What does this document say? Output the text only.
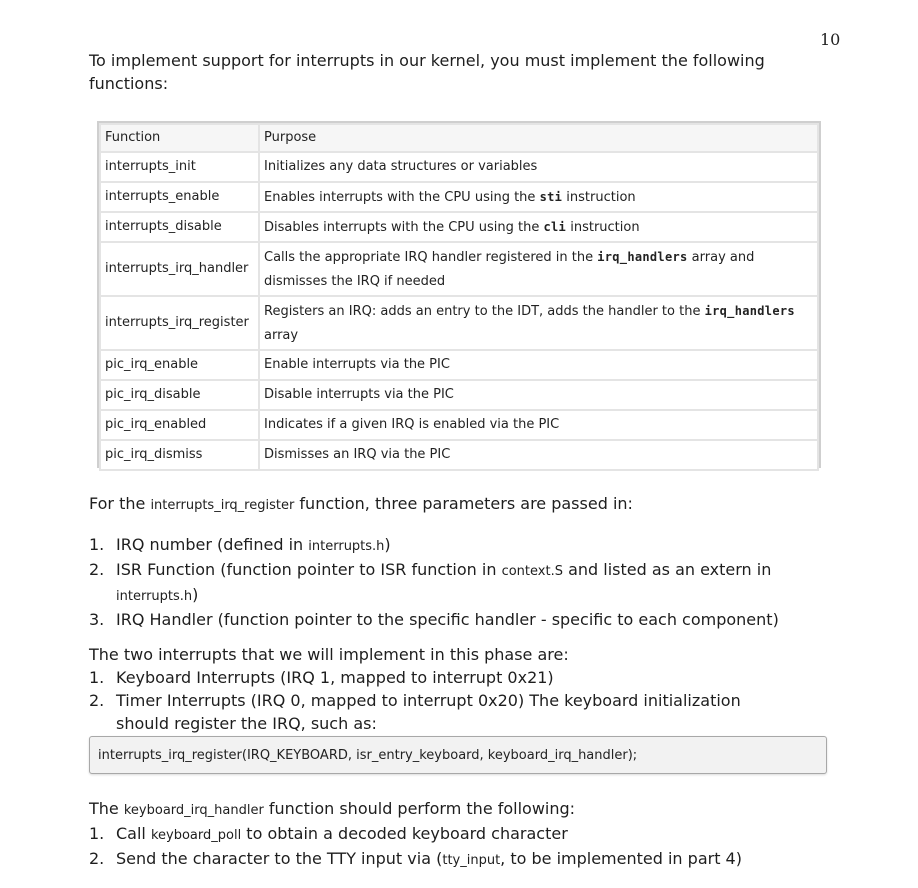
10
To implement support for interrupts in our kernel, you must implement the following functions:
Function	Purpose
interrupts_init	Initializes any data structures or variables
interrupts_enable	Enables interrupts with the CPU using the sti instruction
interrupts_disable	Disables interrupts with the CPU using the cli instruction
interrupts_irq_handler	Calls the appropriate IRQ handler registered in the irq_handlers array and dismisses the IRQ if needed
interrupts_irq_register	Registers an IRQ: adds an entry to the IDT, adds the handler to the irq_handlers array
pic_irq_enable	Enable interrupts via the PIC
pic_irq_disable	Disable interrupts via the PIC
pic_irq_enabled	Indicates if a given IRQ is enabled via the PIC
pic_irq_dismiss	Dismisses an IRQ via the PIC
For the interrupts_irq_register function, three parameters are passed in:
1. IRQ number (defined in interrupts.h)
2. ISR Function (function pointer to ISR function in context.S and listed as an extern in
interrupts.h)
3. IRQ Handler (function pointer to the specific handler - specific to each component)
The two interrupts that we will implement in this phase are:
1. Keyboard Interrupts (IRQ 1, mapped to interrupt 0x21)
2. Timer Interrupts (IRQ 0, mapped to interrupt 0x20) The keyboard initialization
should register the IRQ, such as:
interrupts_irq_register(IRQ_KEYBOARD, isr_entry_keyboard, keyboard_irq_handler);
The keyboard_irq_handler function should perform the following:
1. Call keyboard_poll to obtain a decoded keyboard character
2. Send the character to the TTY input via (tty_input, to be implemented in part 4)
